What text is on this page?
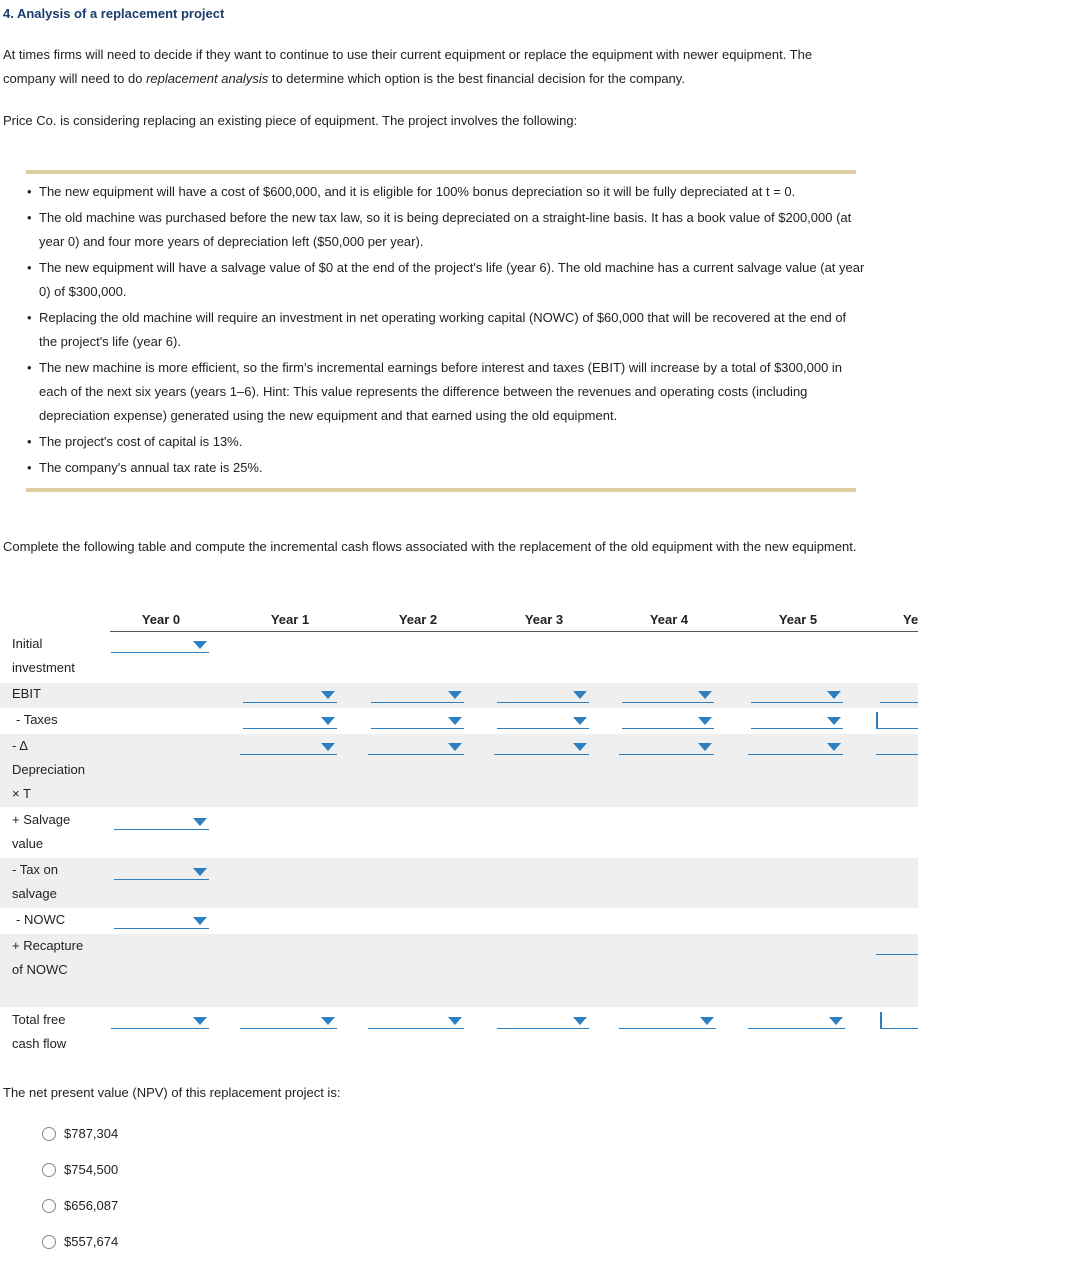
4. Analysis of a replacement project

At times firms will need to decide if they want to continue to use their current equipment or replace the equipment with newer equipment. The
company will need to do replacement analysis to determine which option is the best financial decision for the company.

Price Co. is considering replacing an existing piece of equipment. The project involves the following:

• The new equipment will have a cost of $600,000, and it is eligible for 100% bonus depreciation so it will be fully depreciated at t = 0.
• The old machine was purchased before the new tax law, so it is being depreciated on a straight-line basis. It has a book value of $200,000 (at year 0) and four more years of depreciation left ($50,000 per year).
• The new equipment will have a salvage value of $0 at the end of the project's life (year 6). The old machine has a current salvage value (at year 0) of $300,000.
• Replacing the old machine will require an investment in net operating working capital (NOWC) of $60,000 that will be recovered at the end of the project's life (year 6).
• The new machine is more efficient, so the firm’s incremental earnings before interest and taxes (EBIT) will increase by a total of $300,000 in each of the next six years (years 1–6). Hint: This value represents the difference between the revenues and operating costs (including depreciation expense) generated using the new equipment and that earned using the old equipment.
• The project's cost of capital is 13%.
• The company's annual tax rate is 25%.

Complete the following table and compute the incremental cash flows associated with the replacement of the old equipment with the new equipment.

Year 0	Year 1	Year 2	Year 3	Year 4	Year 5	Ye
Initial investment
EBIT
- Taxes
- Δ Depreciation × T
+ Salvage value
- Tax on salvage
- NOWC
+ Recapture of NOWC
Total free cash flow

The net present value (NPV) of this replacement project is:

$787,304
$754,500
$656,087
$557,674
